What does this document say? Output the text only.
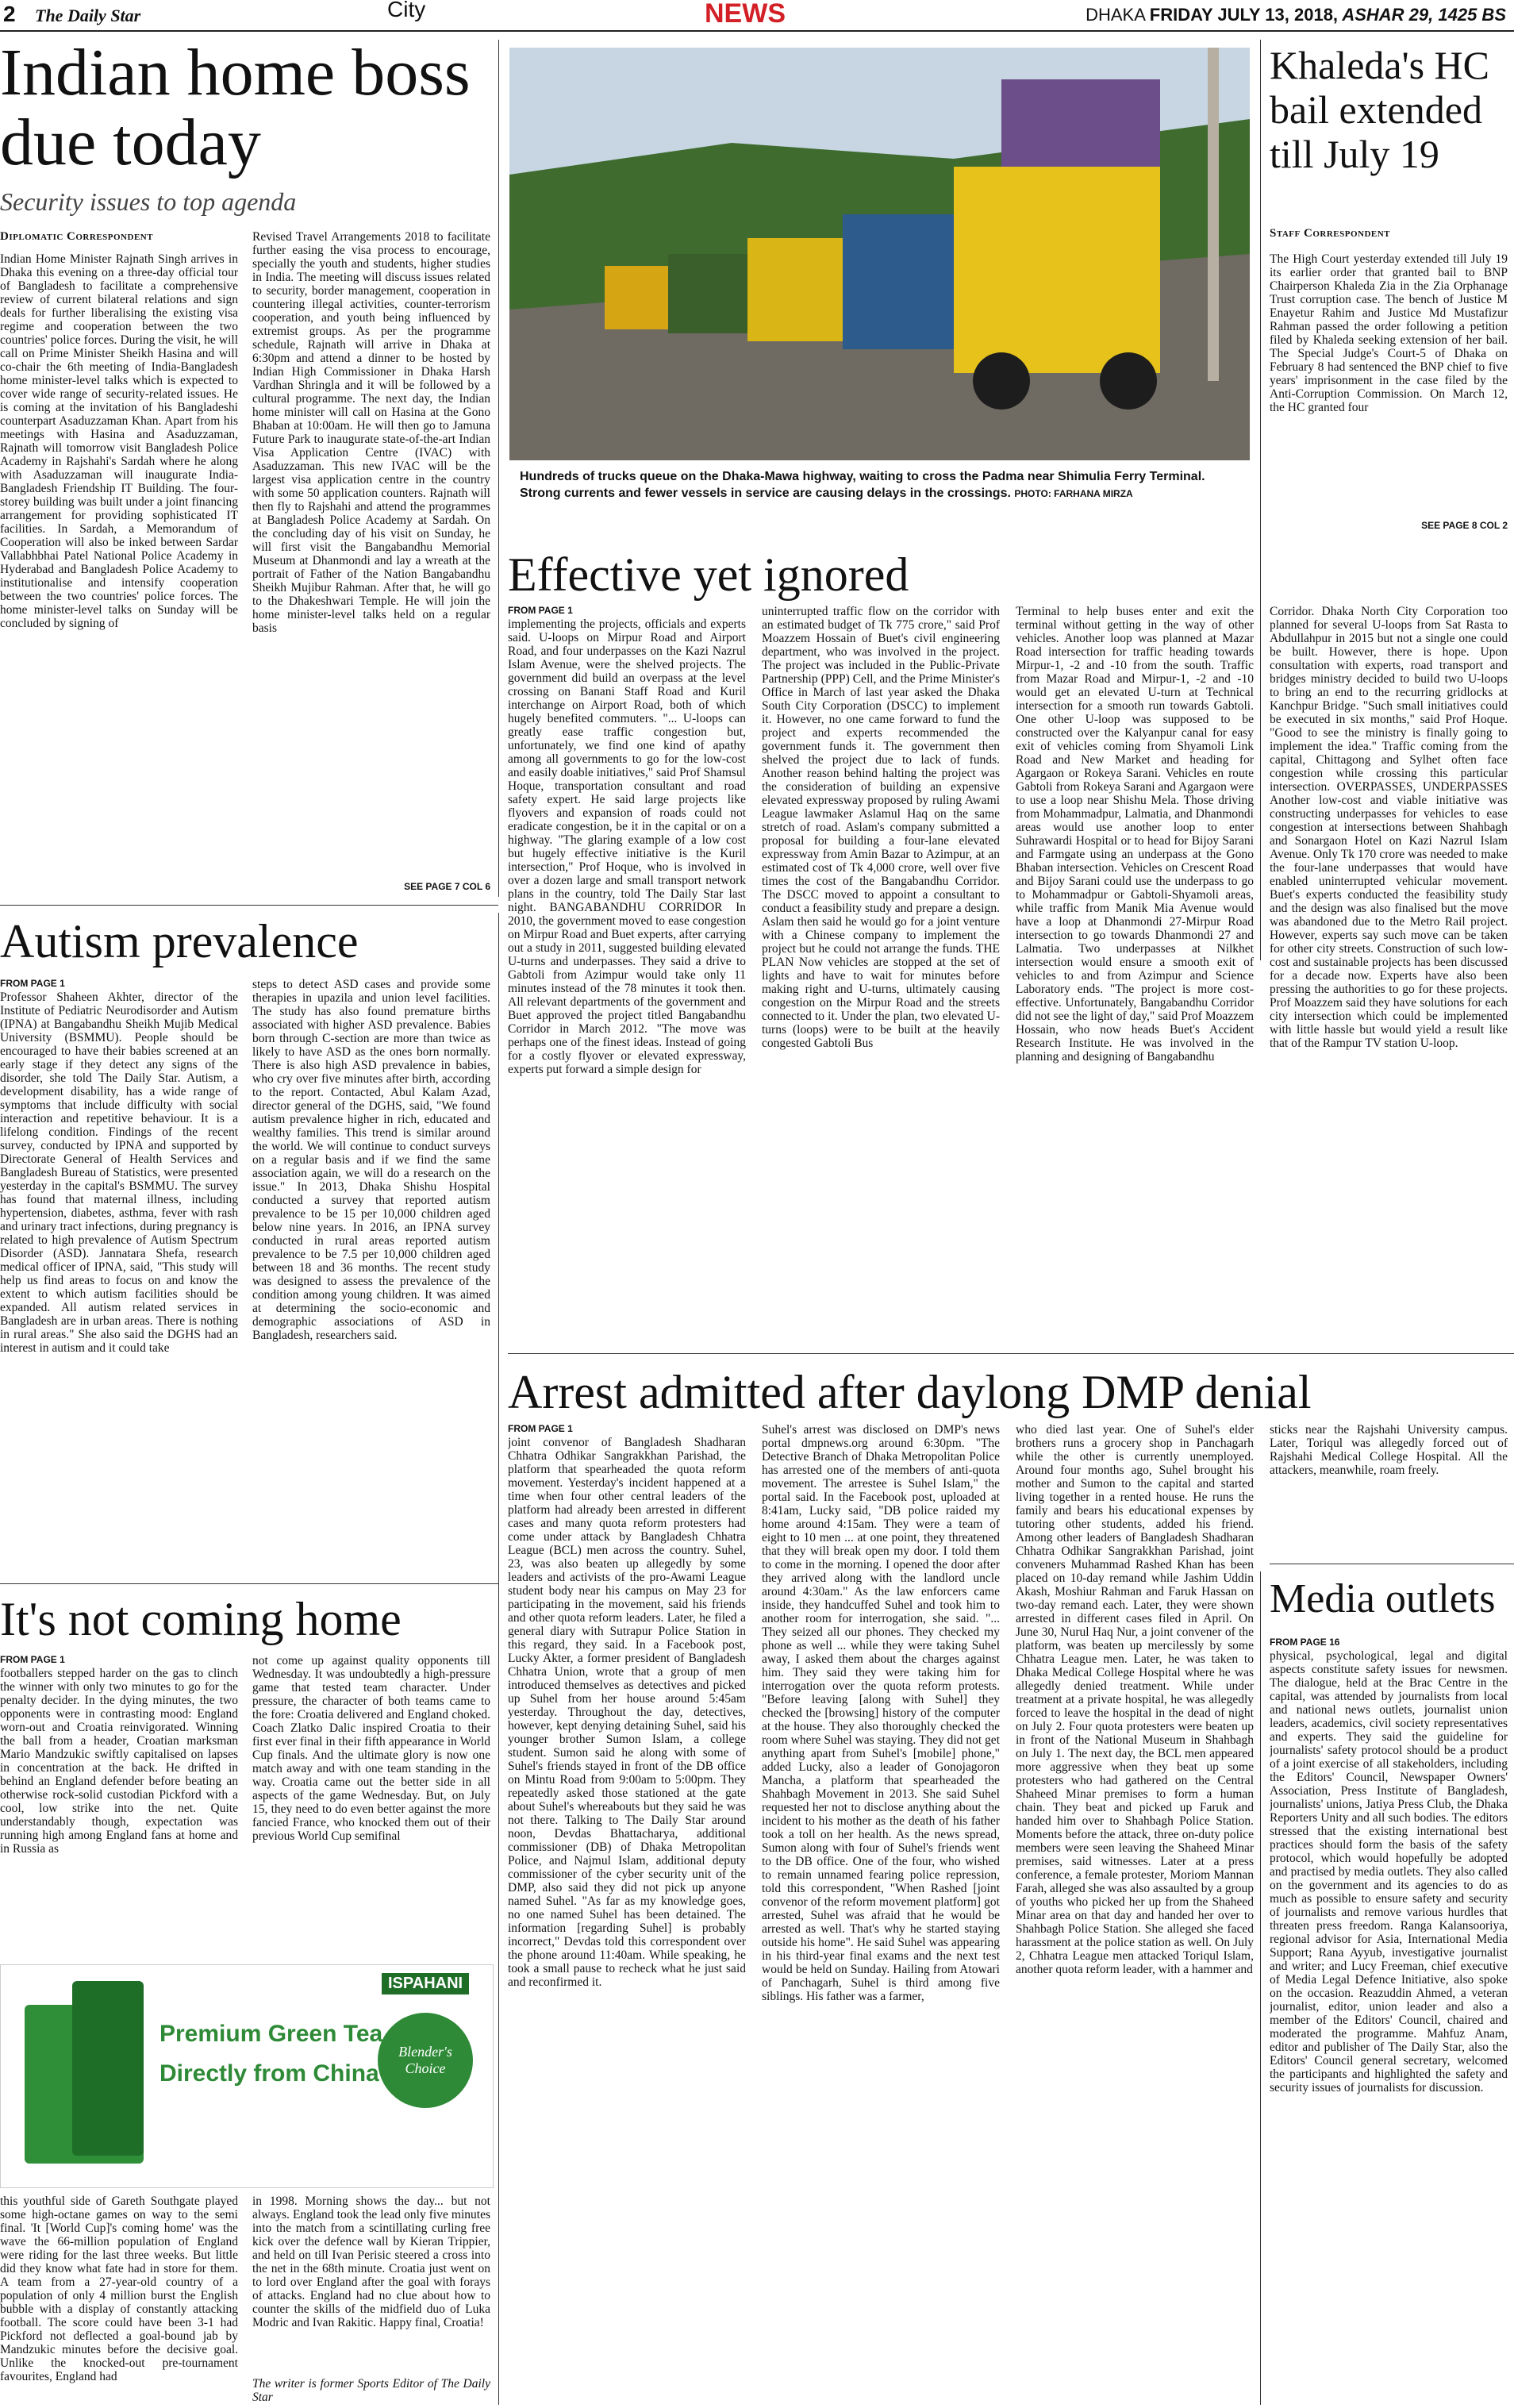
2 The Daily Star	City	NEWS	DHAKA FRIDAY JULY 13, 2018, ASHAR 29, 1425 BS
Indian home boss due today
Security issues to top agenda
Diplomatic Correspondent
Indian Home Minister Rajnath Singh arrives in Dhaka this evening on a three-day official tour of Bangladesh to facilitate a comprehensive review of current bilateral relations and sign deals for further liberalising the existing visa regime and cooperation between the two countries' police forces. During the visit, he will call on Prime Minister Sheikh Hasina and will co-chair the 6th meeting of India-Bangladesh home minister-level talks which is expected to cover wide range of security-related issues. He is coming at the invitation of his Bangladeshi counterpart Asaduzzaman Khan. Apart from his meetings with Hasina and Asaduzzaman, Rajnath will tomorrow visit Bangladesh Police Academy in Rajshahi's Sardah where he along with Asaduzzaman will inaugurate India-Bangladesh Friendship IT Building. The four-storey building was built under a joint financing arrangement for providing sophisticated IT facilities. In Sardah, a Memorandum of Cooperation will also be inked between Sardar Vallabhbhai Patel National Police Academy in Hyderabad and Bangladesh Police Academy to institutionalise and intensify cooperation between the two countries' police forces. The home minister-level talks on Sunday will be concluded by signing of
Revised Travel Arrangements 2018 to facilitate further easing the visa process to encourage, specially the youth and students, higher studies in India. The meeting will discuss issues related to security, border management, cooperation in countering illegal activities, counter-terrorism cooperation, and youth being influenced by extremist groups. As per the programme schedule, Rajnath will arrive in Dhaka at 6:30pm and attend a dinner to be hosted by Indian High Commissioner in Dhaka Harsh Vardhan Shringla and it will be followed by a cultural programme. The next day, the Indian home minister will call on Hasina at the Gono Bhaban at 10:00am. He will then go to Jamuna Future Park to inaugurate state-of-the-art Indian Visa Application Centre (IVAC) with Asaduzzaman. This new IVAC will be the largest visa application centre in the country with some 50 application counters. Rajnath will then fly to Rajshahi and attend the programmes at Bangladesh Police Academy at Sardah. On the concluding day of his visit on Sunday, he will first visit the Bangabandhu Memorial Museum at Dhanmondi and lay a wreath at the portrait of Father of the Nation Bangabandhu Sheikh Mujibur Rahman. After that, he will go to the Dhakeshwari Temple. He will join the home minister-level talks held on a regular basis
SEE PAGE 7 COL 6
Hundreds of trucks queue on the Dhaka-Mawa highway, waiting to cross the Padma near Shimulia Ferry Terminal. Strong currents and fewer vessels in service are causing delays in the crossings. PHOTO: FARHANA MIRZA
Khaleda's HC bail extended till July 19
Staff Correspondent
The High Court yesterday extended till July 19 its earlier order that granted bail to BNP Chairperson Khaleda Zia in the Zia Orphanage Trust corruption case. The bench of Justice M Enayetur Rahim and Justice Md Mustafizur Rahman passed the order following a petition filed by Khaleda seeking extension of her bail. The Special Judge's Court-5 of Dhaka on February 8 had sentenced the BNP chief to five years' imprisonment in the case filed by the Anti-Corruption Commission. On March 12, the HC granted four
SEE PAGE 8 COL 2
Effective yet ignored
FROM PAGE 1
implementing the projects, officials and experts said. U-loops on Mirpur Road and Airport Road, and four underpasses on the Kazi Nazrul Islam Avenue, were the shelved projects. The government did build an overpass at the level crossing on Banani Staff Road and Kuril interchange on Airport Road, both of which hugely benefited commuters. "... U-loops can greatly ease traffic congestion but, unfortunately, we find one kind of apathy among all governments to go for the low-cost and easily doable initiatives," said Prof Shamsul Hoque, transportation consultant and road safety expert. He said large projects like flyovers and expansion of roads could not eradicate congestion, be it in the capital or on a highway. "The glaring example of a low cost but hugely effective initiative is the Kuril intersection," Prof Hoque, who is involved in over a dozen large and small transport network plans in the country, told The Daily Star last night. BANGABANDHU CORRIDOR In 2010, the government moved to ease congestion on Mirpur Road and Buet experts, after carrying out a study in 2011, suggested building elevated U-turns and underpasses. They said a drive to Gabtoli from Azimpur would take only 11 minutes instead of the 78 minutes it took then. All relevant departments of the government and Buet approved the project titled Bangabandhu Corridor in March 2012. "The move was perhaps one of the finest ideas. Instead of going for a costly flyover or elevated expressway, experts put forward a simple design for
uninterrupted traffic flow on the corridor with an estimated budget of Tk 775 crore," said Prof Moazzem Hossain of Buet's civil engineering department, who was involved in the project. The project was included in the Public-Private Partnership (PPP) Cell, and the Prime Minister's Office in March of last year asked the Dhaka South City Corporation (DSCC) to implement it. However, no one came forward to fund the project and experts recommended the government funds it. The government then shelved the project due to lack of funds. Another reason behind halting the project was the consideration of building an expensive elevated expressway proposed by ruling Awami League lawmaker Aslamul Haq on the same stretch of road. Aslam's company submitted a proposal for building a four-lane elevated expressway from Amin Bazar to Azimpur, at an estimated cost of Tk 4,000 crore, well over five times the cost of the Bangabandhu Corridor. The DSCC moved to appoint a consultant to conduct a feasibility study and prepare a design. Aslam then said he would go for a joint venture with a Chinese company to implement the project but he could not arrange the funds. THE PLAN Now vehicles are stopped at the set of lights and have to wait for minutes before making right and U-turns, ultimately causing congestion on the Mirpur Road and the streets connected to it. Under the plan, two elevated U-turns (loops) were to be built at the heavily congested Gabtoli Bus
Terminal to help buses enter and exit the terminal without getting in the way of other vehicles. Another loop was planned at Mazar Road intersection for traffic heading towards Mirpur-1, -2 and -10 from the south. Traffic from Mazar Road and Mirpur-1, -2 and -10 would get an elevated U-turn at Technical intersection for a smooth run towards Gabtoli. One other U-loop was supposed to be constructed over the Kalyanpur canal for easy exit of vehicles coming from Shyamoli Link Road and New Market and heading for Agargaon or Rokeya Sarani. Vehicles en route Gabtoli from Rokeya Sarani and Agargaon were to use a loop near Shishu Mela. Those driving from Mohammadpur, Lalmatia, and Dhanmondi areas would use another loop to enter Suhrawardi Hospital or to head for Bijoy Sarani and Farmgate using an underpass at the Gono Bhaban intersection. Vehicles on Crescent Road and Bijoy Sarani could use the underpass to go to Mohammadpur or Gabtoli-Shyamoli areas, while traffic from Manik Mia Avenue would have a loop at Dhanmondi 27-Mirpur Road intersection to go towards Dhanmondi 27 and Lalmatia. Two underpasses at Nilkhet intersection would ensure a smooth exit of vehicles to and from Azimpur and Science Laboratory ends. "The project is more cost-effective. Unfortunately, Bangabandhu Corridor did not see the light of day," said Prof Moazzem Hossain, who now heads Buet's Accident Research Institute. He was involved in the planning and designing of Bangabandhu
Corridor. Dhaka North City Corporation too planned for several U-loops from Sat Rasta to Abdullahpur in 2015 but not a single one could be built. However, there is hope. Upon consultation with experts, road transport and bridges ministry decided to build two U-loops to bring an end to the recurring gridlocks at Kanchpur Bridge. "Such small initiatives could be executed in six months," said Prof Hoque. "Good to see the ministry is finally going to implement the idea." Traffic coming from the capital, Chittagong and Sylhet often face congestion while crossing this particular intersection. OVERPASSES, UNDERPASSES Another low-cost and viable initiative was constructing underpasses for vehicles to ease congestion at intersections between Shahbagh and Sonargaon Hotel on Kazi Nazrul Islam Avenue. Only Tk 170 crore was needed to make the four-lane underpasses that would have enabled uninterrupted vehicular movement. Buet's experts conducted the feasibility study and the design was also finalised but the move was abandoned due to the Metro Rail project. However, experts say such move can be taken for other city streets. Construction of such low-cost and sustainable projects has been discussed for a decade now. Experts have also been pressing the authorities to go for these projects. Prof Moazzem said they have solutions for each city intersection which could be implemented with little hassle but would yield a result like that of the Rampur TV station U-loop.
Autism prevalence
FROM PAGE 1
Professor Shaheen Akhter, director of the Institute of Pediatric Neurodisorder and Autism (IPNA) at Bangabandhu Sheikh Mujib Medical University (BSMMU). People should be encouraged to have their babies screened at an early stage if they detect any signs of the disorder, she told The Daily Star. Autism, a development disability, has a wide range of symptoms that include difficulty with social interaction and repetitive behaviour. It is a lifelong condition. Findings of the recent survey, conducted by IPNA and supported by Directorate General of Health Services and Bangladesh Bureau of Statistics, were presented yesterday in the capital's BSMMU. The survey has found that maternal illness, including hypertension, diabetes, asthma, fever with rash and urinary tract infections, during pregnancy is related to high prevalence of Autism Spectrum Disorder (ASD). Jannatara Shefa, research medical officer of IPNA, said, "This study will help us find areas to focus on and know the extent to which autism facilities should be expanded. All autism related services in Bangladesh are in urban areas. There is nothing in rural areas." She also said the DGHS had an interest in autism and it could take
steps to detect ASD cases and provide some therapies in upazila and union level facilities. The study has also found premature births associated with higher ASD prevalence. Babies born through C-section are more than twice as likely to have ASD as the ones born normally. There is also high ASD prevalence in babies, who cry over five minutes after birth, according to the report. Contacted, Abul Kalam Azad, director general of the DGHS, said, "We found autism prevalence higher in rich, educated and wealthy families. This trend is similar around the world. We will continue to conduct surveys on a regular basis and if we find the same association again, we will do a research on the issue." In 2013, Dhaka Shishu Hospital conducted a survey that reported autism prevalence to be 15 per 10,000 children aged below nine years. In 2016, an IPNA survey conducted in rural areas reported autism prevalence to be 7.5 per 10,000 children aged between 18 and 36 months. The recent study was designed to assess the prevalence of the condition among young children. It was aimed at determining the socio-economic and demographic associations of ASD in Bangladesh, researchers said.
Arrest admitted after daylong DMP denial
FROM PAGE 1
joint convenor of Bangladesh Shadharan Chhatra Odhikar Sangrakkhan Parishad, the platform that spearheaded the quota reform movement. Yesterday's incident happened at a time when four other central leaders of the platform had already been arrested in different cases and many quota reform protesters had come under attack by Bangladesh Chhatra League (BCL) men across the country. Suhel, 23, was also beaten up allegedly by some leaders and activists of the pro-Awami League student body near his campus on May 23 for participating in the movement, said his friends and other quota reform leaders. Later, he filed a general diary with Sutrapur Police Station in this regard, they said. In a Facebook post, Lucky Akter, a former president of Bangladesh Chhatra Union, wrote that a group of men introduced themselves as detectives and picked up Suhel from her house around 5:45am yesterday. Throughout the day, detectives, however, kept denying detaining Suhel, said his younger brother Sumon Islam, a college student. Sumon said he along with some of Suhel's friends stayed in front of the DB office on Mintu Road from 9:00am to 5:00pm. They repeatedly asked those stationed at the gate about Suhel's whereabouts but they said he was not there. Talking to The Daily Star around noon, Devdas Bhattacharya, additional commissioner (DB) of Dhaka Metropolitan Police, and Najmul Islam, additional deputy commissioner of the cyber security unit of the DMP, also said they did not pick up anyone named Suhel. "As far as my knowledge goes, no one named Suhel has been detained. The information [regarding Suhel] is probably incorrect," Devdas told this correspondent over the phone around 11:40am. While speaking, he took a small pause to recheck what he just said and reconfirmed it.
Suhel's arrest was disclosed on DMP's news portal dmpnews.org around 6:30pm. "The Detective Branch of Dhaka Metropolitan Police has arrested one of the members of anti-quota movement. The arrestee is Suhel Islam," the portal said. In the Facebook post, uploaded at 8:41am, Lucky said, "DB police raided my home around 4:15am. They were a team of eight to 10 men ... at one point, they threatened that they will break open my door. I told them to come in the morning. I opened the door after they arrived along with the landlord uncle around 4:30am." As the law enforcers came inside, they handcuffed Suhel and took him to another room for interrogation, she said. "... They seized all our phones. They checked my phone as well ... while they were taking Suhel away, I asked them about the charges against him. They said they were taking him for interrogation over the quota reform protests. "Before leaving [along with Suhel] they checked the [browsing] history of the computer at the house. They also thoroughly checked the room where Suhel was staying. They did not get anything apart from Suhel's [mobile] phone," added Lucky, also a leader of Gonojagoron Mancha, a platform that spearheaded the Shahbagh Movement in 2013. She said Suhel requested her not to disclose anything about the incident to his mother as the death of his father took a toll on her health. As the news spread, Sumon along with four of Suhel's friends went to the DB office. One of the four, who wished to remain unnamed fearing police repression, told this correspondent, "When Rashed [joint convenor of the reform movement platform] got arrested, Suhel was afraid that he would be arrested as well. That's why he started staying outside his home". He said Suhel was appearing in his third-year final exams and the next test would be held on Sunday. Hailing from Atowari of Panchagarh, Suhel is third among five siblings. His father was a farmer,
who died last year. One of Suhel's elder brothers runs a grocery shop in Panchagarh while the other is currently unemployed. Around four months ago, Suhel brought his mother and Sumon to the capital and started living together in a rented house. He runs the family and bears his educational expenses by tutoring other students, added his friend. Among other leaders of Bangladesh Shadharan Chhatra Odhikar Sangrakkhan Parishad, joint conveners Muhammad Rashed Khan has been placed on 10-day remand while Jashim Uddin Akash, Moshiur Rahman and Faruk Hassan on two-day remand each. Later, they were shown arrested in different cases filed in April. On June 30, Nurul Haq Nur, a joint convener of the platform, was beaten up mercilessly by some Chhatra League men. Later, he was taken to Dhaka Medical College Hospital where he was allegedly denied treatment. While under treatment at a private hospital, he was allegedly forced to leave the hospital in the dead of night on July 2. Four quota protesters were beaten up in front of the National Museum in Shahbagh on July 1. The next day, the BCL men appeared more aggressive when they beat up some protesters who had gathered on the Central Shaheed Minar premises to form a human chain. They beat and picked up Faruk and handed him over to Shahbagh Police Station. Moments before the attack, three on-duty police members were seen leaving the Shaheed Minar premises, said witnesses. Later at a press conference, a female protester, Moriom Mannan Farah, alleged she was also assaulted by a group of youths who picked her up from the Shaheed Minar area on that day and handed her over to Shahbagh Police Station. She alleged she faced harassment at the police station as well. On July 2, Chhatra League men attacked Toriqul Islam, another quota reform leader, with a hammer and
sticks near the Rajshahi University campus. Later, Toriqul was allegedly forced out of Rajshahi Medical College Hospital. All the attackers, meanwhile, roam freely.
Media outlets
FROM PAGE 16
physical, psychological, legal and digital aspects constitute safety issues for newsmen. The dialogue, held at the Brac Centre in the capital, was attended by journalists from local and national news outlets, journalist union leaders, academics, civil society representatives and experts. They said the guideline for journalists' safety protocol should be a product of a joint exercise of all stakeholders, including the Editors' Council, Newspaper Owners' Association, Press Institute of Bangladesh, journalists' unions, Jatiya Press Club, the Dhaka Reporters Unity and all such bodies. The editors stressed that the existing international best practices should form the basis of the safety protocol, which would hopefully be adopted and practised by media outlets. They also called on the government and its agencies to do as much as possible to ensure safety and security of journalists and remove various hurdles that threaten press freedom. Ranga Kalansooriya, regional advisor for Asia, International Media Support; Rana Ayyub, investigative journalist and writer; and Lucy Freeman, chief executive of Media Legal Defence Initiative, also spoke on the occasion. Reazuddin Ahmed, a veteran journalist, editor, union leader and also a member of the Editors' Council, chaired and moderated the programme. Mahfuz Anam, editor and publisher of The Daily Star, also the Editors' Council general secretary, welcomed the participants and highlighted the safety and security issues of journalists for discussion.
It's not coming home
FROM PAGE 1
footballers stepped harder on the gas to clinch the winner with only two minutes to go for the penalty decider. In the dying minutes, the two opponents were in contrasting mood: England worn-out and Croatia reinvigorated. Winning the ball from a header, Croatian marksman Mario Mandzukic swiftly capitalised on lapses in concentration at the back. He drifted in behind an England defender before beating an otherwise rock-solid custodian Pickford with a cool, low strike into the net. Quite understandably though, expectation was running high among England fans at home and in Russia as
not come up against quality opponents till Wednesday. It was undoubtedly a high-pressure game that tested team character. Under pressure, the character of both teams came to the fore: Croatia delivered and England choked. Coach Zlatko Dalic inspired Croatia to their first ever final in their fifth appearance in World Cup finals. And the ultimate glory is now one match away and with one team standing in the way. Croatia came out the better side in all aspects of the game Wednesday. But, on July 15, they need to do even better against the more fancied France, who knocked them out of their previous World Cup semifinal
this youthful side of Gareth Southgate played some high-octane games on way to the semi final. 'It [World Cup]'s coming home' was the wave the 66-million population of England were riding for the last three weeks. But little did they know what fate had in store for them. A team from a 27-year-old country of a population of only 4 million burst the English bubble with a display of constantly attacking football. The score could have been 3-1 had Pickford not deflected a goal-bound jab by Mandzukic minutes before the decisive goal. Unlike the knocked-out pre-tournament favourites, England had
in 1998. Morning shows the day... but not always. England took the lead only five minutes into the match from a scintillating curling free kick over the defence wall by Kieran Trippier, and held on till Ivan Perisic steered a cross into the net in the 68th minute. Croatia just went on to lord over England after the goal with forays of attacks. England had no clue about how to counter the skills of the midfield duo of Luka Modric and Ivan Rakitic. Happy final, Croatia!
The writer is former Sports Editor of The Daily Star
Premium Green Tea
Directly from China
ISPAHANI
Blender's Choice
